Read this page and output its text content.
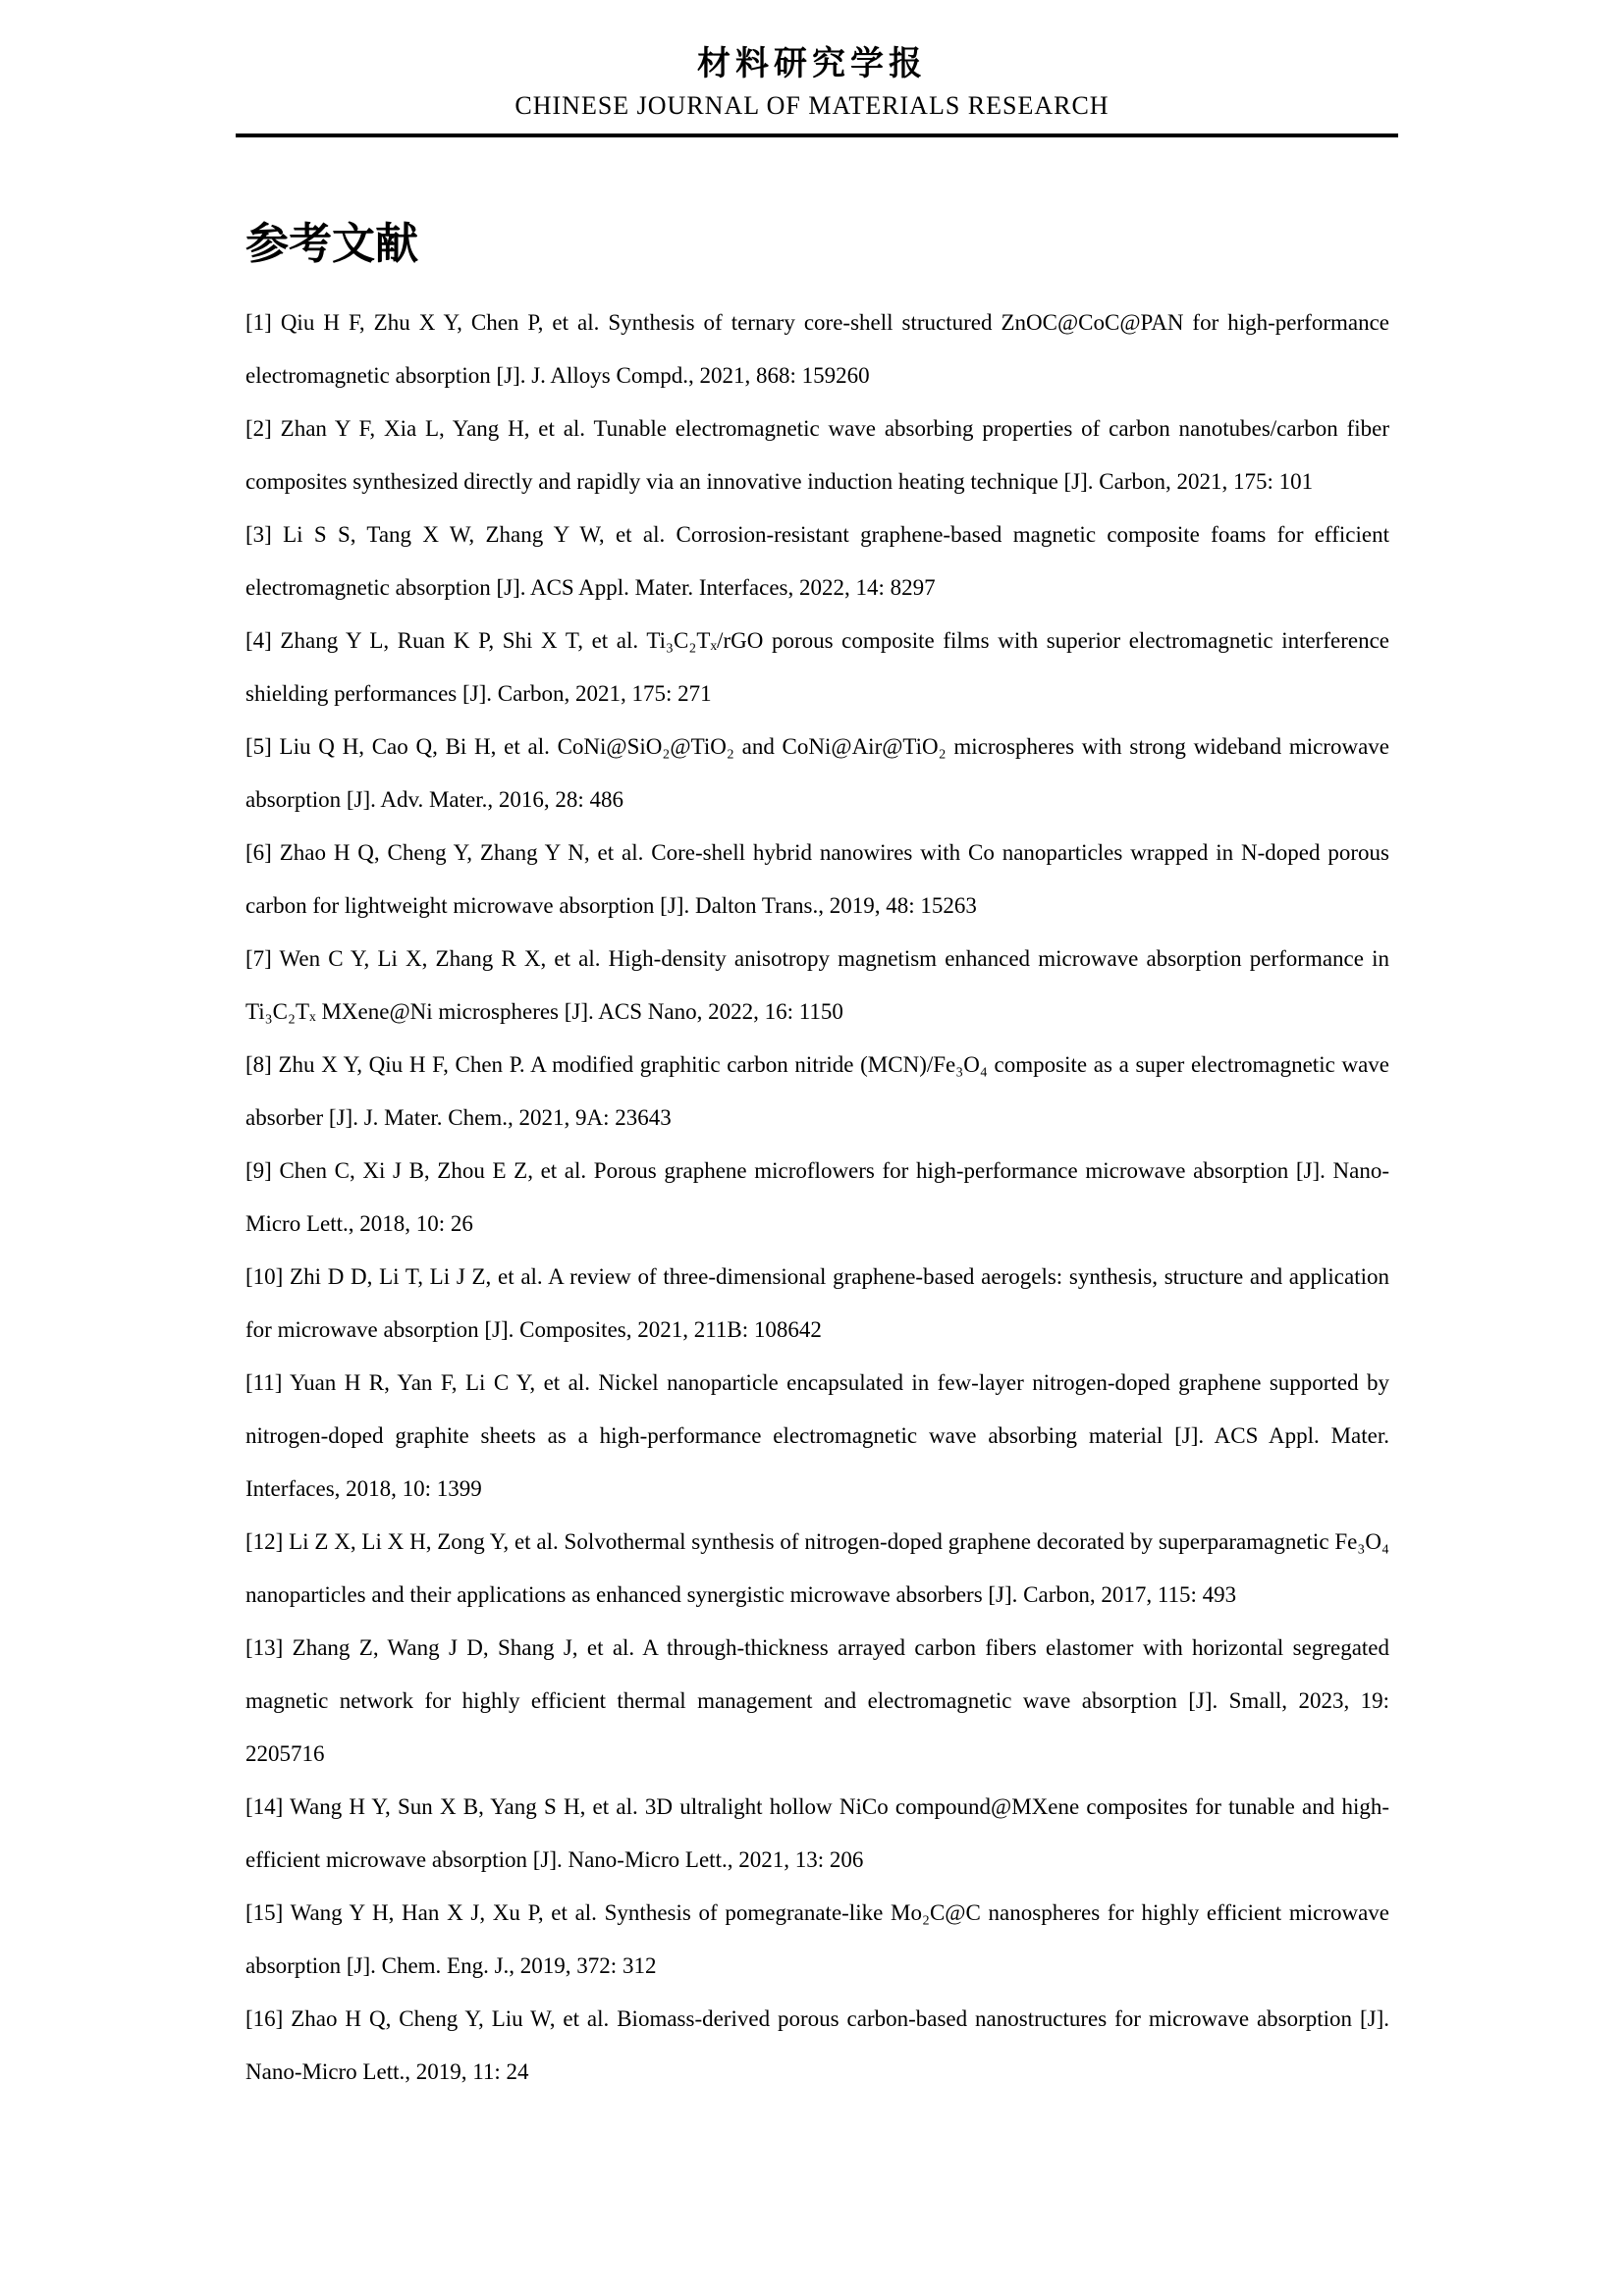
材料研究学报
CHINESE JOURNAL OF MATERIALS RESEARCH
参考文献

[1] Qiu H F, Zhu X Y, Chen P, et al. Synthesis of ternary core-shell structured ZnOC@CoC@PAN for high-performance electromagnetic absorption [J]. J. Alloys Compd., 2021, 868: 159260

[2] Zhan Y F, Xia L, Yang H, et al. Tunable electromagnetic wave absorbing properties of carbon nanotubes/carbon fiber composites synthesized directly and rapidly via an innovative induction heating technique [J]. Carbon, 2021, 175: 101

[3] Li S S, Tang X W, Zhang Y W, et al. Corrosion-resistant graphene-based magnetic composite foams for efficient electromagnetic absorption [J]. ACS Appl. Mater. Interfaces, 2022, 14: 8297

[4] Zhang Y L, Ruan K P, Shi X T, et al. Ti₃C₂Tₓ/rGO porous composite films with superior electromagnetic interference shielding performances [J]. Carbon, 2021, 175: 271

[5] Liu Q H, Cao Q, Bi H, et al. CoNi@SiO₂@TiO₂ and CoNi@Air@TiO₂ microspheres with strong wideband microwave absorption [J]. Adv. Mater., 2016, 28: 486

[6] Zhao H Q, Cheng Y, Zhang Y N, et al. Core-shell hybrid nanowires with Co nanoparticles wrapped in N-doped porous carbon for lightweight microwave absorption [J]. Dalton Trans., 2019, 48: 15263

[7] Wen C Y, Li X, Zhang R X, et al. High-density anisotropy magnetism enhanced microwave absorption performance in Ti₃C₂Tₓ MXene@Ni microspheres [J]. ACS Nano, 2022, 16: 1150

[8] Zhu X Y, Qiu H F, Chen P. A modified graphitic carbon nitride (MCN)/Fe₃O₄ composite as a super electromagnetic wave absorber [J]. J. Mater. Chem., 2021, 9A: 23643

[9] Chen C, Xi J B, Zhou E Z, et al. Porous graphene microflowers for high-performance microwave absorption [J]. Nano-Micro Lett., 2018, 10: 26

[10] Zhi D D, Li T, Li J Z, et al. A review of three-dimensional graphene-based aerogels: synthesis, structure and application for microwave absorption [J]. Composites, 2021, 211B: 108642

[11] Yuan H R, Yan F, Li C Y, et al. Nickel nanoparticle encapsulated in few-layer nitrogen-doped graphene supported by nitrogen-doped graphite sheets as a high-performance electromagnetic wave absorbing material [J]. ACS Appl. Mater. Interfaces, 2018, 10: 1399

[12] Li Z X, Li X H, Zong Y, et al. Solvothermal synthesis of nitrogen-doped graphene decorated by superparamagnetic Fe₃O₄ nanoparticles and their applications as enhanced synergistic microwave absorbers [J]. Carbon, 2017, 115: 493

[13] Zhang Z, Wang J D, Shang J, et al. A through-thickness arrayed carbon fibers elastomer with horizontal segregated magnetic network for highly efficient thermal management and electromagnetic wave absorption [J]. Small, 2023, 19: 2205716

[14] Wang H Y, Sun X B, Yang S H, et al. 3D ultralight hollow NiCo compound@MXene composites for tunable and high-efficient microwave absorption [J]. Nano-Micro Lett., 2021, 13: 206

[15] Wang Y H, Han X J, Xu P, et al. Synthesis of pomegranate-like Mo₂C@C nanospheres for highly efficient microwave absorption [J]. Chem. Eng. J., 2019, 372: 312

[16] Zhao H Q, Cheng Y, Liu W, et al. Biomass-derived porous carbon-based nanostructures for microwave absorption [J]. Nano-Micro Lett., 2019, 11: 24
